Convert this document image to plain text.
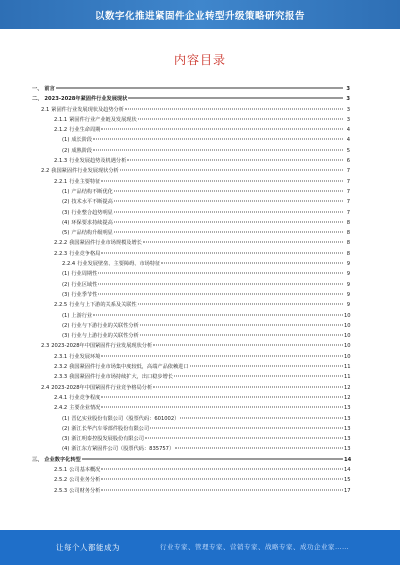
以数字化推进紧固件企业转型升级策略研究报告
内容目录
一、 前言	3
二、 2023-2028年紧固件行业发展现状	3
2.1 紧固件行业发展现状及趋势分析	3
2.1.1 紧固件行业产业链及发展现状	3
2.1.2 行业生命周期	4
(1) 成长阶段	4
(2) 成熟阶段	5
2.1.3 行业发展趋势及机遇分析	6
2.2 我国紧固件行业发展现状分析	7
2.2.1 行业主要特征	7
(1) 产品结构不断优化	7
(2) 技术水平不断提高	7
(3) 行业整合趋势明显	7
(4) 环保要求持续提高	8
(5) 产品结构升级明显	8
2.2.2 我国紧固件行业市场规模及增长	8
2.2.3 行业竞争格局	8
2.2.4 行业发展壁垒、主要障碍、市场特征	9
(1) 行业周期性	9
(2) 行业区域性	9
(3) 行业季节性	9
2.2.5 行业与上下游的关系及关联性	9
(1) 上游行业	10
(2) 行业与下游行业的关联性分析	10
(3) 行业与上游行业的关联性分析	10
2.3 2023-2028年中国紧固件行业发展现状分析	10
2.3.1 行业发展环境	10
2.3.2 我国紧固件行业市场集中度较低，高端产品依赖进口	11
2.3.3 我国紧固件行业市场持续扩大，出口稳步增长	11
2.4 2023-2028年中国紧固件行业竞争格局分析	12
2.4.1 行业竞争程度	12
2.4.2 主要企业情况	13
(1) 晋亿实业股份有限公司（股票代码：601002）	13
(2) 浙江长华汽车零部件股份有限公司	13
(3) 浙江明泰控股发展股份有限公司	13
(4) 浙江东方紧固件公司（股票代码：835757）	13
三、 企业数字化转型	14
2.5.1 公司基本概况	14
2.5.2 公司业务分析	15
2.5.3 公司财务分析	17
让每个人都能成为	行业专家、管理专家、营销专家、战略专家、成功企业家……
